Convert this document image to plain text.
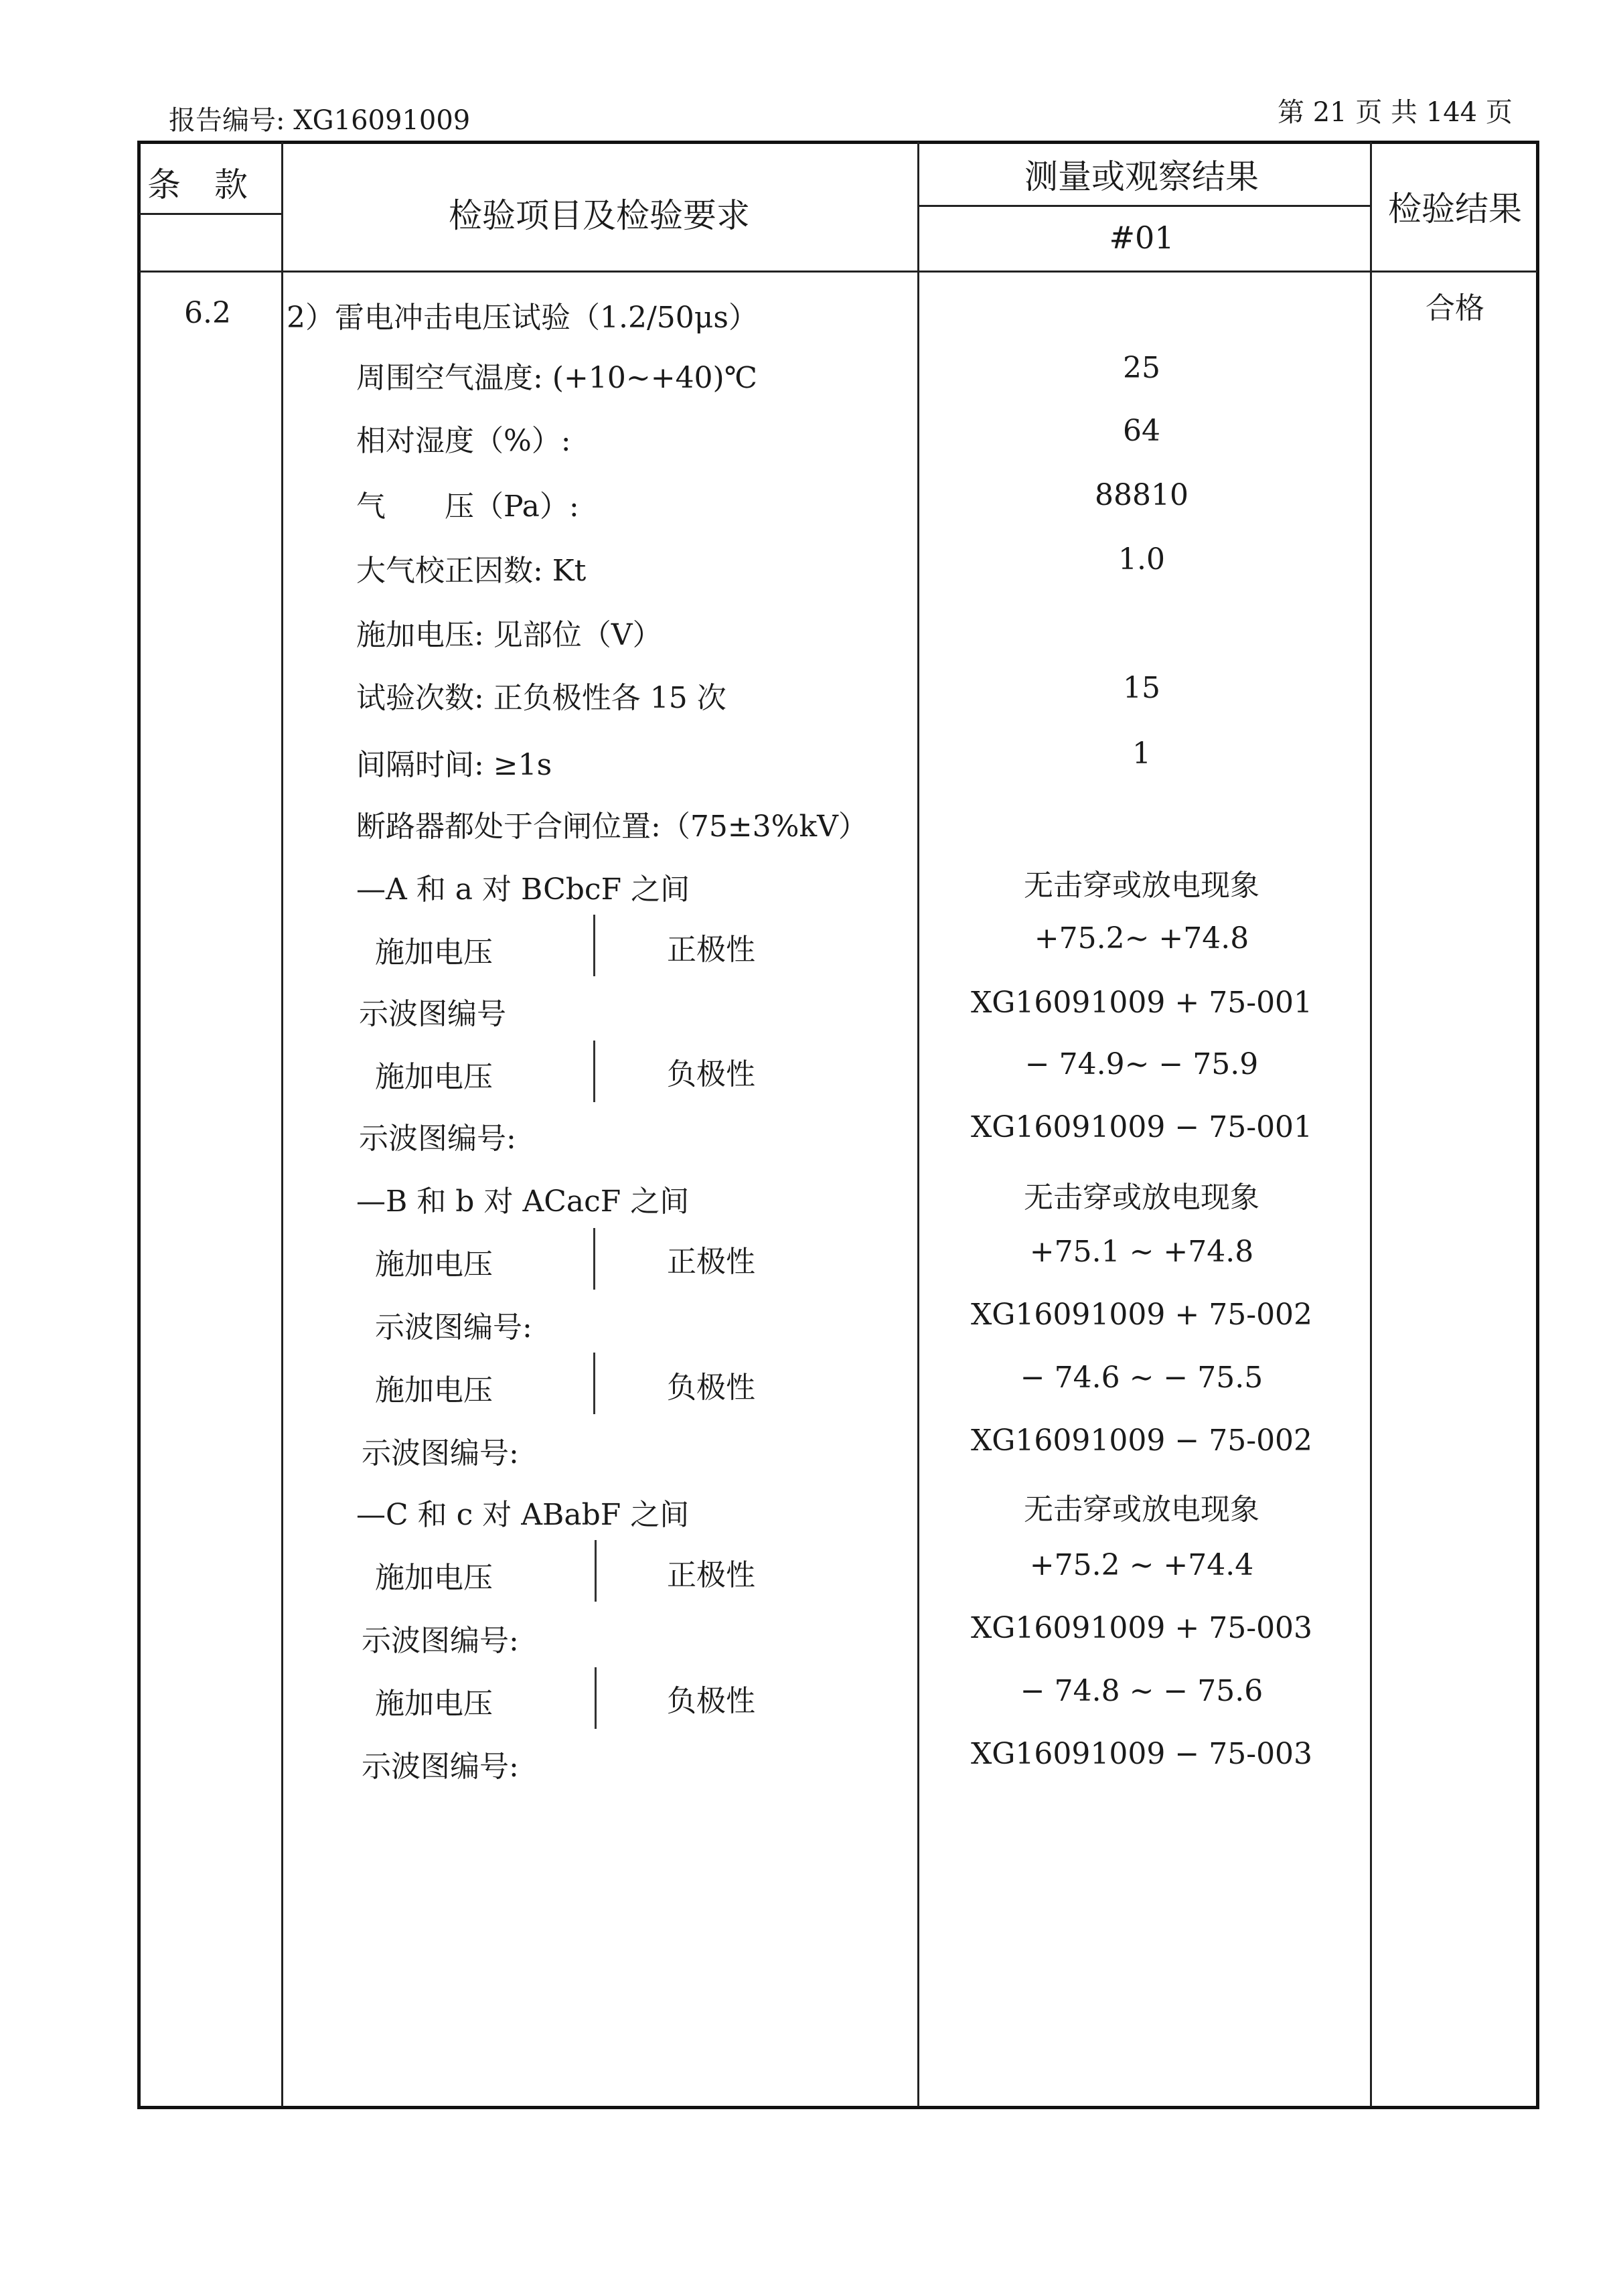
报告编号: XG16091009	第 21 页 共 144 页
条　款
检验项目及检验要求
测量或观察结果
#01
检验结果
6.2	合格
2）雷电冲击电压试验（1.2/50μs）
周围空气温度: (+10~+40)℃	25
相对湿度（%）:	64
气　　压（Pa）:	88810
大气校正因数: Kt	1.0
施加电压: 见部位（V）
试验次数: 正负极性各 15 次	15
间隔时间: ≥1s	1
断路器都处于合闸位置:（75±3%kV）
—A 和 a 对 BCbcF 之间	无击穿或放电现象
施加电压	正极性	+75.2~ +74.8
示波图编号	XG16091009 + 75-001
施加电压	负极性	− 74.9~ − 75.9
示波图编号:	XG16091009 − 75-001
—B 和 b 对 ACacF 之间	无击穿或放电现象
施加电压	正极性	+75.1 ~ +74.8
示波图编号:	XG16091009 + 75-002
施加电压	负极性	− 74.6 ~ − 75.5
示波图编号:	XG16091009 − 75-002
—C 和 c 对 ABabF 之间	无击穿或放电现象
施加电压	正极性	+75.2 ~ +74.4
示波图编号:	XG16091009 + 75-003
施加电压	负极性	− 74.8 ~ − 75.6
示波图编号:	XG16091009 − 75-003
